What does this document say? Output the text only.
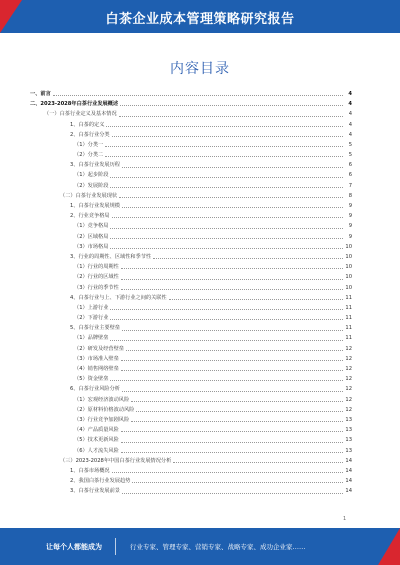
白茶企业成本管理策略研究报告
内容目录
一、前言	4
二、2023-2028年白茶行业发展概述	4
（一）白茶行业定义及基本情况	4
1、白茶的定义	4
2、白茶行业分类	4
（1）分类一	5
（2）分类二	5
3、白茶行业发展历程	6
（1）起步阶段	6
（2）发展阶段	7
（二）白茶行业发展现状	8
1、白茶行业发展规模	9
2、行业竞争格局	9
（1）竞争格局	9
（2）区域格局	9
（3）市场格局	10
3、行业的周期性、区域性和季节性	10
（1）行业的周期性	10
（2）行业的区域性	10
（3）行业的季节性	10
4、白茶行业与上、下游行业之间的关联性	11
（1）上游行业	11
（2）下游行业	11
5、白茶行业主要壁垒	11
（1）品牌壁垒	11
（2）研发及经营壁垒	12
（3）市场准入壁垒	12
（4）销售网络壁垒	12
（5）资金壁垒	12
6、白茶行业风险分析	12
（1）宏观经济波动风险	12
（2）原材料价格波动风险	12
（3）行业竞争加剧风险	13
（4）产品质量风险	13
（5）技术更新风险	13
（6）人才流失风险	13
（三）2023-2028年中国白茶行业发展情况分析	14
1、白茶市场概况	14
2、我国白茶行业发展趋势	14
3、白茶行业发展前景	14
1
让每个人都能成为	行业专家、管理专家、营销专家、战略专家、成功企业家……
